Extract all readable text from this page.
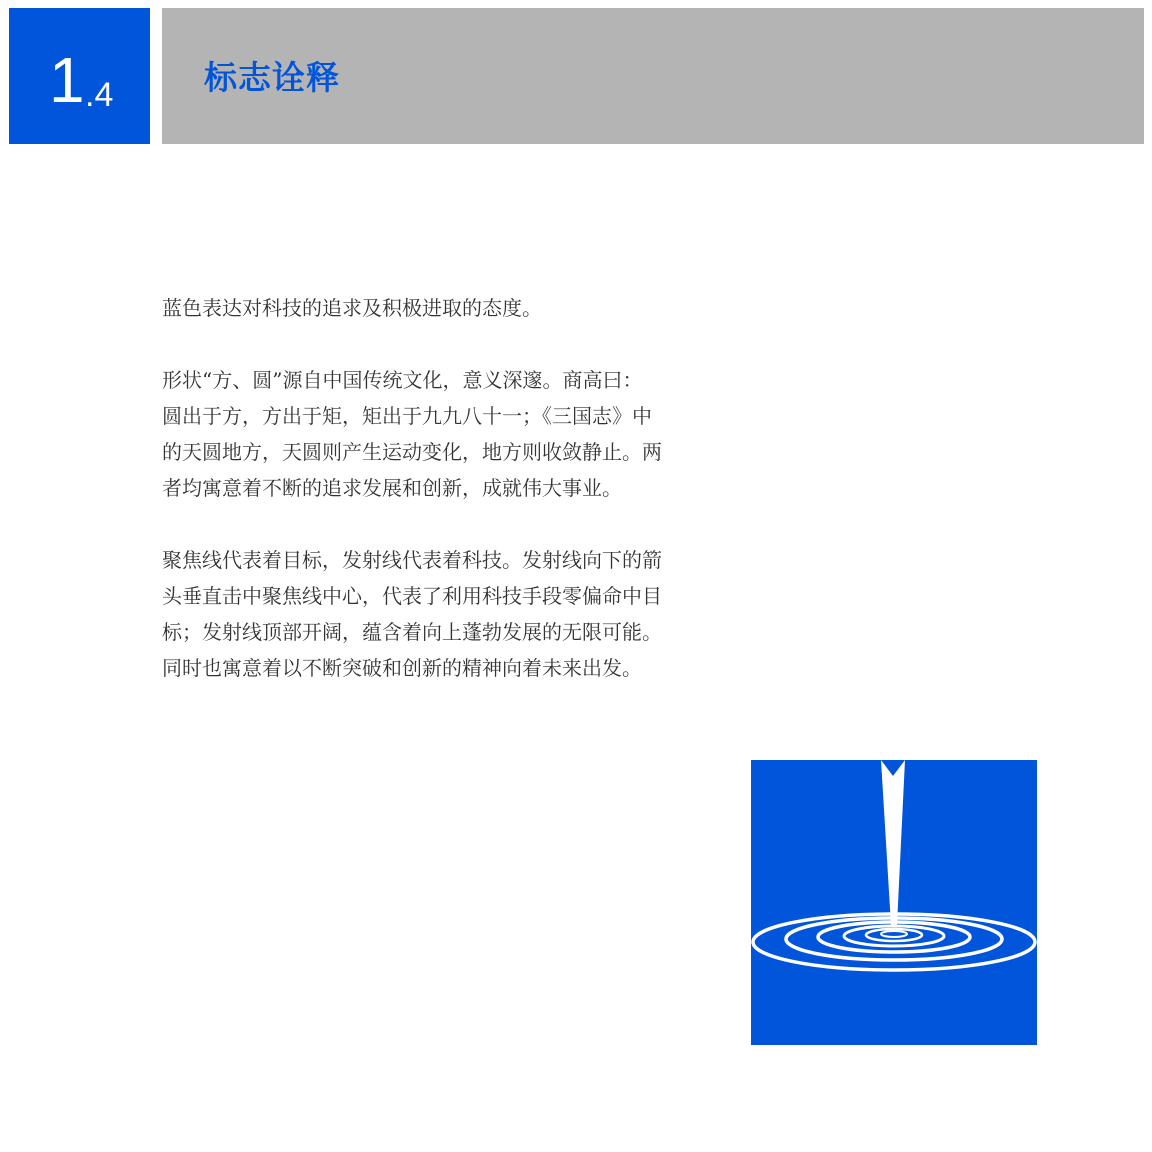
1 .4	标志诠释

蓝色表达对科技的追求及积极进取的态度。

形状“方、圆”源自中国传统文化，意义深邃。商高曰：圆出于方，方出于矩，矩出于九九八十一；《三国志》中的天圆地方，天圆则产生运动变化，地方则收敛静止。两者均寓意着不断的追求发展和创新，成就伟大事业。

聚焦线代表着目标，发射线代表着科技。发射线向下的箭头垂直击中聚焦线中心，代表了利用科技手段零偏命中目标；发射线顶部开阔，蕴含着向上蓬勃发展的无限可能。同时也寓意着以不断突破和创新的精神向着未来出发。
